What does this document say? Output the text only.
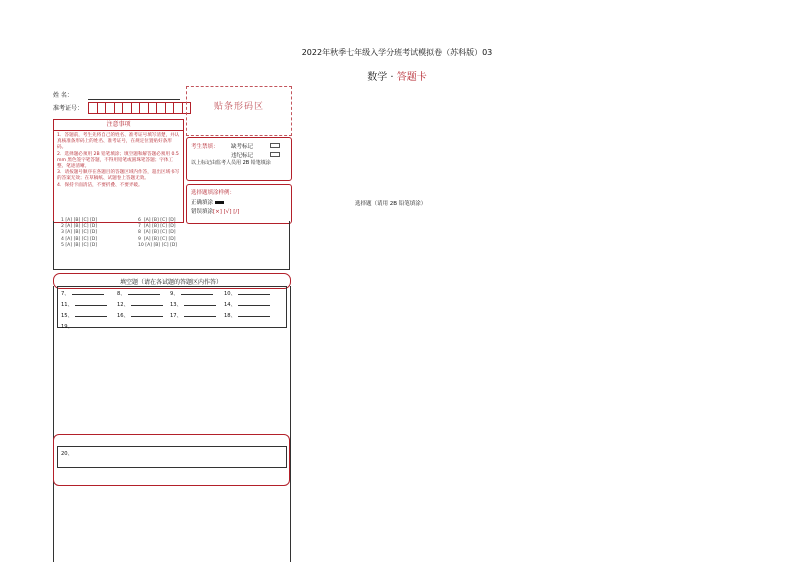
2022年秋季七年级入学分班考试模拟卷（苏科版）03
数学 · 答题卡
姓 名：
准考证号：	贴条形码区
注意事项
1．答题前，考生先将自己的姓名、准考证号填写清楚，并认真核准条形码上的姓名、准考证号，在规定位置贴好条形码。
2．选择题必须用 2B 铅笔填涂；填空题和解答题必须用 0.5 mm 黑色签字笔答题，不得用铅笔或圆珠笔答题；字体工整、笔迹清晰。
3．请按题号顺序在各题目的答题区域内作答，超出区域书写的答案无效；在草稿纸、试题卷上答题无效。
4．保持卡面清洁，不要折叠、不要弄破。
考生禁填： 缺考标记
违纪标记
以上标记由监考人员用 2B 铅笔填涂
选择题填涂样例：
正确填涂
错误填涂[×] [√] [/]
1 [A] [B] [C] [D]
2 [A] [B] [C] [D]
3 [A] [B] [C] [D]
4 [A] [B] [C] [D]
5 [A] [B] [C] [D]
6  [A] [B] [C] [D]
7  [A] [B] [C] [D]
8  [A] [B] [C] [D]
9  [A] [B] [C] [D]
10 [A] [B] [C] [D]
填空题（请在各试题的答题区内作答）
7、	8、	9、	10、
11、	12、	13、	14、
15、	16、	17、	18、
19、
20、
选择题（请用 2B 铅笔填涂）
